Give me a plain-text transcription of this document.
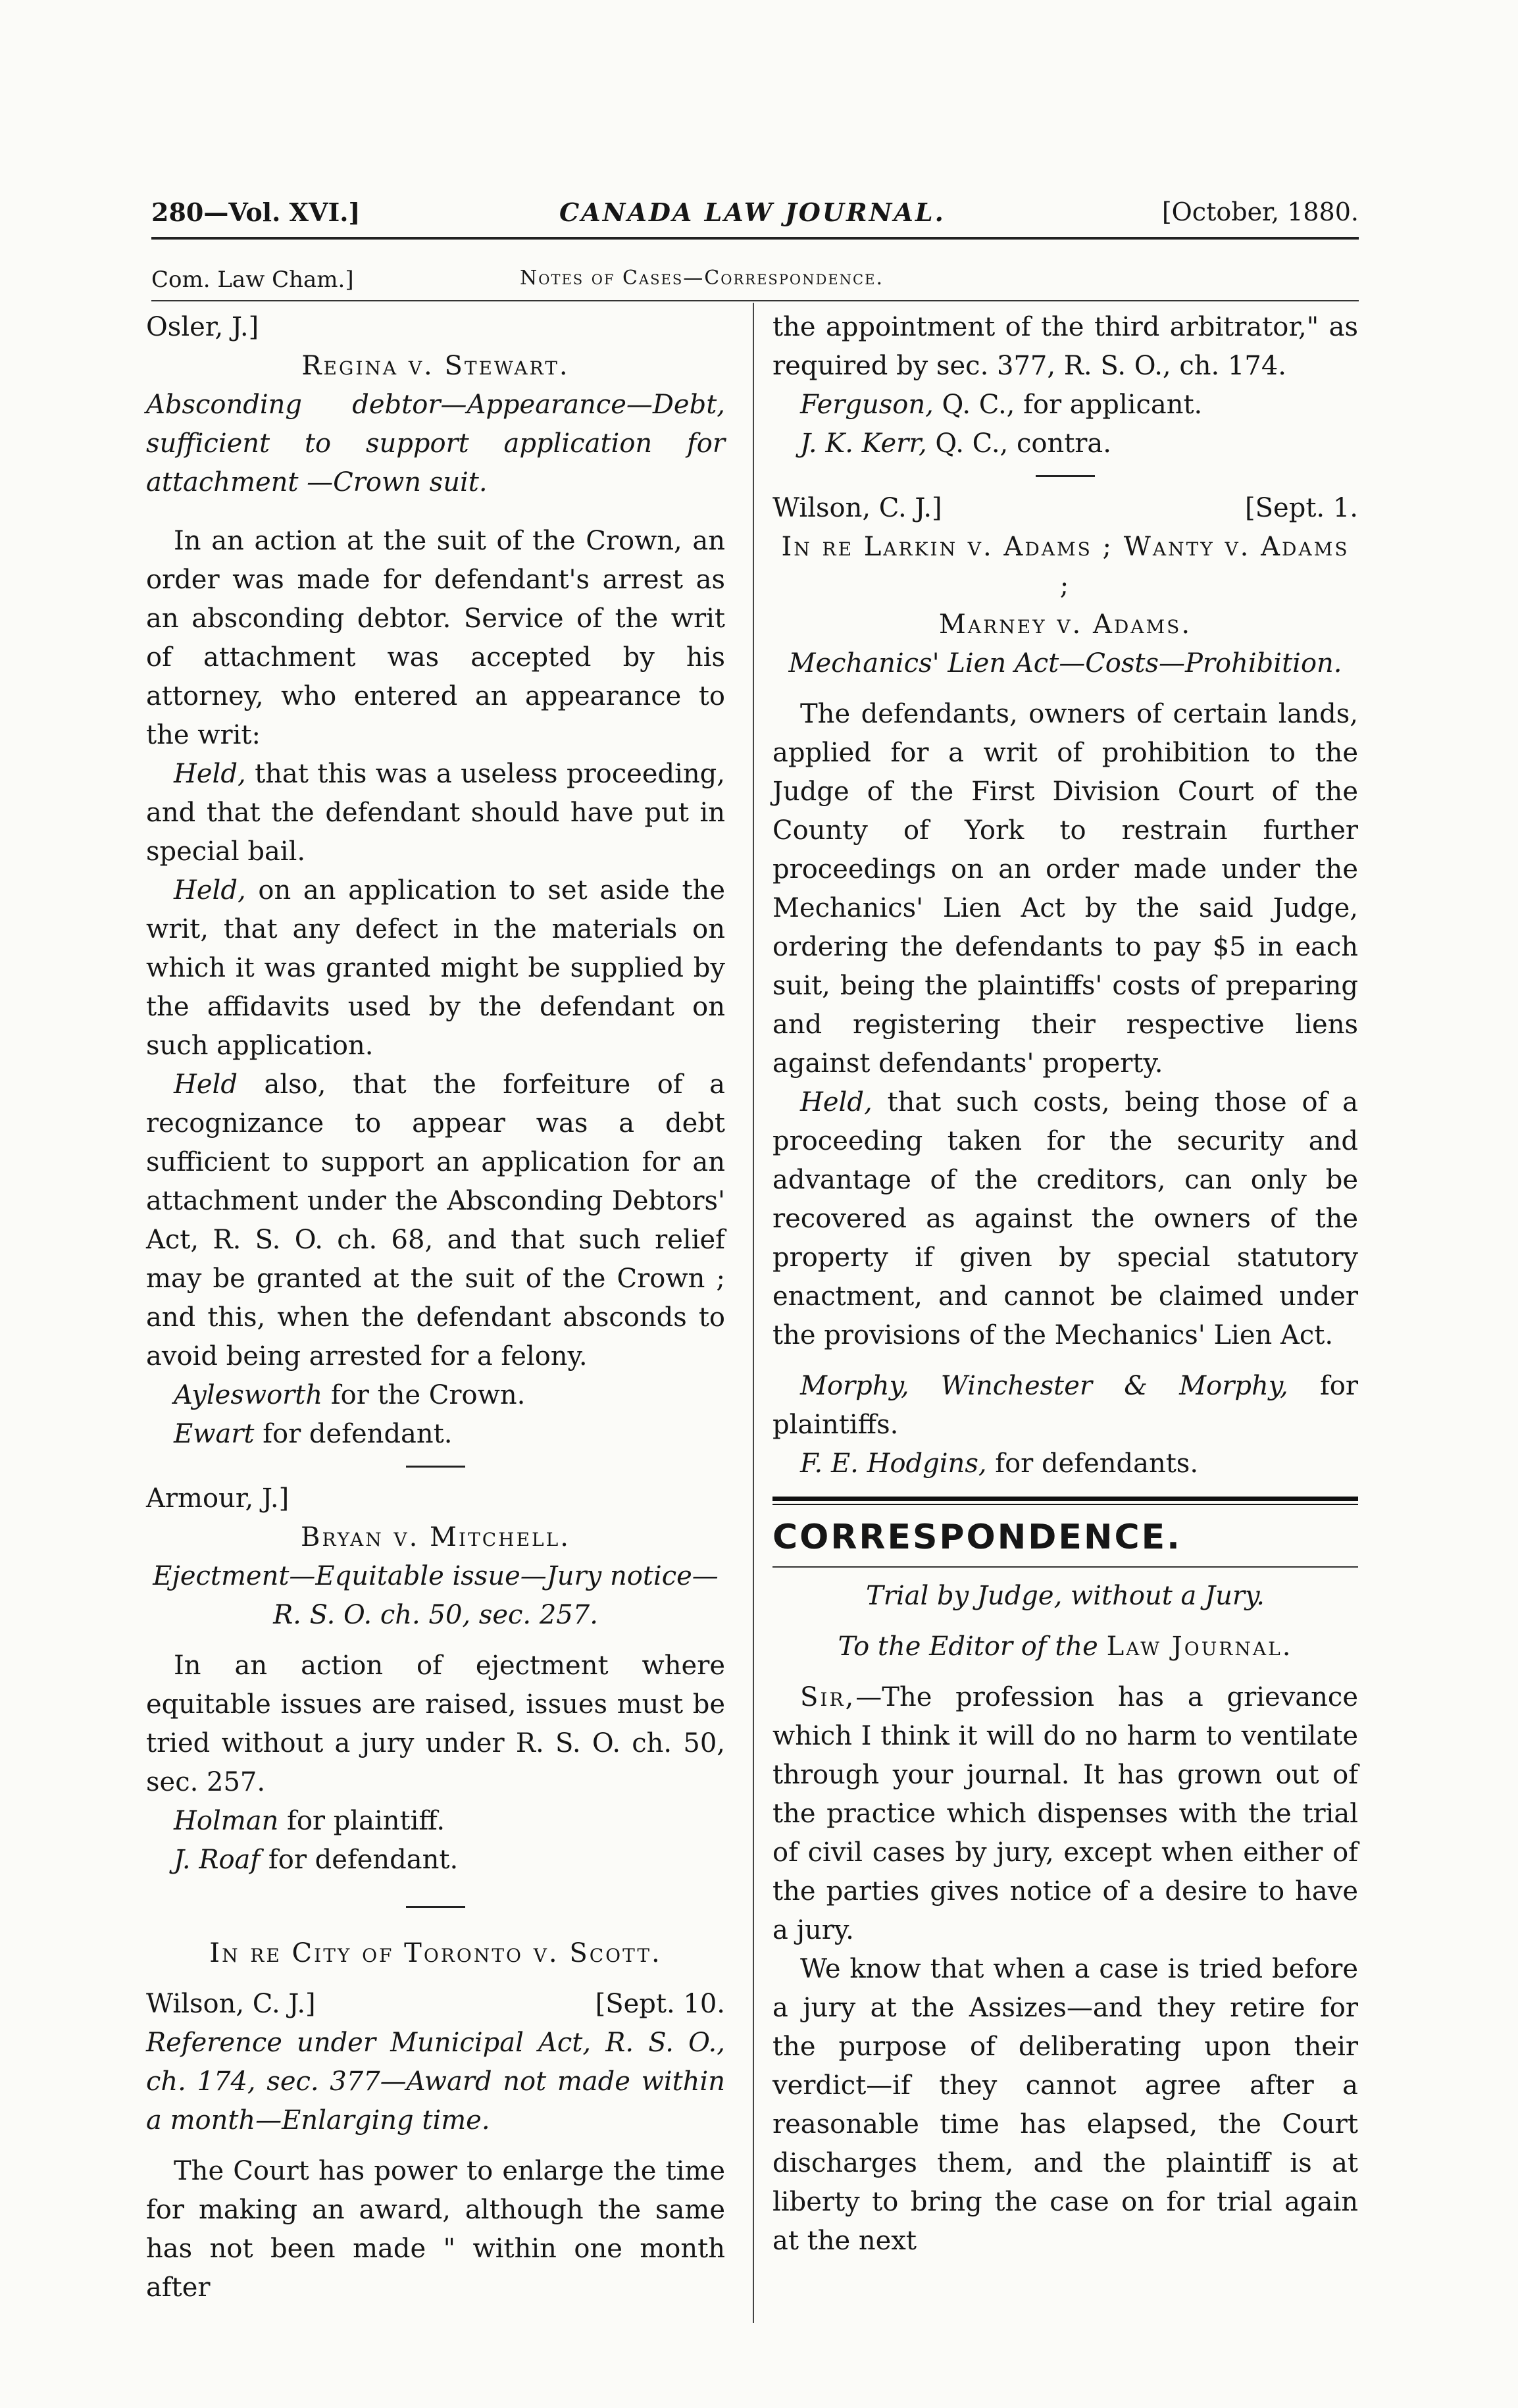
280—Vol. XVI.]	CANADA LAW JOURNAL.	[October, 1880.
Com. Law Cham.]	Notes of Cases—Correspondence.

Osler, J.]

Regina v. Stewart.

Absconding debtor—Appearance—Debt, sufficient to support application for attachment —Crown suit.

In an action at the suit of the Crown, an order was made for defendant's arrest as an absconding debtor. Service of the writ of attachment was accepted by his attorney, who entered an appearance to the writ:

Held, that this was a useless proceeding, and that the defendant should have put in special bail.

Held, on an application to set aside the writ, that any defect in the materials on which it was granted might be supplied by the affidavits used by the defendant on such application.

Held also, that the forfeiture of a recognizance to appear was a debt sufficient to support an application for an attachment under the Absconding Debtors' Act, R. S. O. ch. 68, and that such relief may be granted at the suit of the Crown ; and this, when the defendant absconds to avoid being arrested for a felony.

Aylesworth for the Crown.

Ewart for defendant.

Armour, J.]

Bryan v. Mitchell.

Ejectment—Equitable issue—Jury notice—

R. S. O. ch. 50, sec. 257.

In an action of ejectment where equitable issues are raised, issues must be tried without a jury under R. S. O. ch. 50, sec. 257.

Holman for plaintiff.

J. Roaf for defendant.

In re City of Toronto v. Scott.

Wilson, C. J.]	[Sept. 10.

Reference under Municipal Act, R. S. O., ch. 174, sec. 377—Award not made within a month—Enlarging time.

The Court has power to enlarge the time for making an award, although the same has not been made " within one month after

the appointment of the third arbitrator," as required by sec. 377, R. S. O., ch. 174.

Ferguson, Q. C., for applicant.

J. K. Kerr, Q. C., contra.

Wilson, C. J.]	[Sept. 1.

In re Larkin v. Adams ; Wanty v. Adams ;

Marney v. Adams.

Mechanics' Lien Act—Costs—Prohibition.

The defendants, owners of certain lands, applied for a writ of prohibition to the Judge of the First Division Court of the County of York to restrain further proceedings on an order made under the Mechanics' Lien Act by the said Judge, ordering the defendants to pay $5 in each suit, being the plaintiffs' costs of preparing and registering their respective liens against defendants' property.

Held, that such costs, being those of a proceeding taken for the security and advantage of the creditors, can only be recovered as against the owners of the property if given by special statutory enactment, and cannot be claimed under the provisions of the Mechanics' Lien Act.

Morphy, Winchester & Morphy, for plaintiffs.

F. E. Hodgins, for defendants.

CORRESPONDENCE.

Trial by Judge, without a Jury.

To the Editor of the Law Journal.

Sir,—The profession has a grievance which I think it will do no harm to ventilate through your journal. It has grown out of the practice which dispenses with the trial of civil cases by jury, except when either of the parties gives notice of a desire to have a jury.

We know that when a case is tried before a jury at the Assizes—and they retire for the purpose of deliberating upon their verdict—if they cannot agree after a reasonable time has elapsed, the Court discharges them, and the plaintiff is at liberty to bring the case on for trial again at the next
